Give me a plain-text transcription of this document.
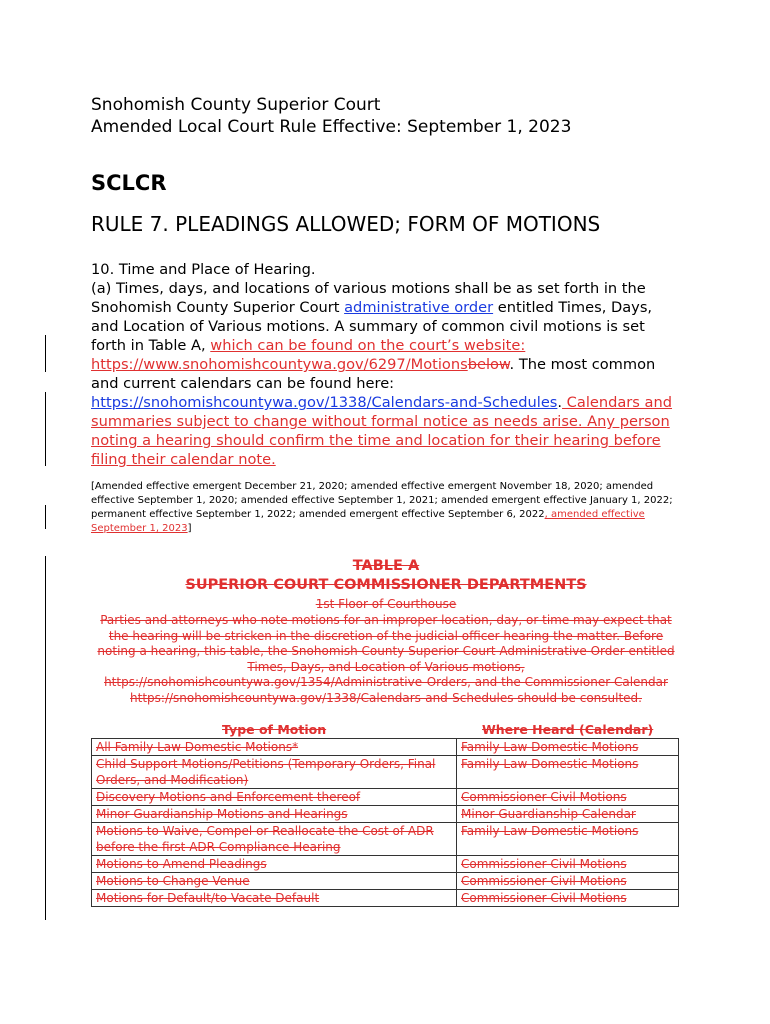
Snohomish County Superior Court
Amended Local Court Rule Effective: September 1, 2023
SCLCR
RULE 7. PLEADINGS ALLOWED; FORM OF MOTIONS

10. Time and Place of Hearing.

(a) Times, days, and locations of various motions shall be as set forth in the Snohomish County Superior Court administrative order entitled Times, Days, and Location of Various motions. A summary of common civil motions is set forth in Table A, which can be found on the court’s website: https://www.snohomishcountywa.gov/6297/Motionsbelow. The most common and current calendars can be found here: https://snohomishcountywa.gov/1338/Calendars-and-Schedules. Calendars and summaries subject to change without formal notice as needs arise. Any person noting a hearing should confirm the time and location for their hearing before filing their calendar note.

[Amended effective emergent December 21, 2020; amended effective emergent November 18, 2020; amended effective September 1, 2020; amended effective September 1, 2021; amended emergent effective January 1, 2022; permanent effective September 1, 2022; amended emergent effective September 6, 2022, amended effective September 1, 2023]
TABLE A
SUPERIOR COURT COMMISSIONER DEPARTMENTS
1st Floor of Courthouse
Parties and attorneys who note motions for an improper location, day, or time may expect that the hearing will be stricken in the discretion of the judicial officer hearing the matter. Before noting a hearing, this table, the Snohomish County Superior Court Administrative Order entitled Times, Days, and Location of Various motions, https://snohomishcountywa.gov/1354/Administrative-Orders, and the Commissioner Calendar https://snohomishcountywa.gov/1338/Calendars-and-Schedules should be consulted.
Type of Motion	Where Heard (Calendar)
All Family Law Domestic Motions*	Family Law Domestic Motions
Child Support Motions/Petitions (Temporary Orders, Final Orders, and Modification)	Family Law Domestic Motions
Discovery Motions and Enforcement thereof	Commissioner Civil Motions
Minor Guardianship Motions and Hearings	Minor Guardianship Calendar
Motions to Waive, Compel or Reallocate the Cost of ADR before the first ADR Compliance Hearing	Family Law Domestic Motions
Motions to Amend Pleadings	Commissioner Civil Motions
Motions to Change Venue	Commissioner Civil Motions
Motions for Default/to Vacate Default	Commissioner Civil Motions
